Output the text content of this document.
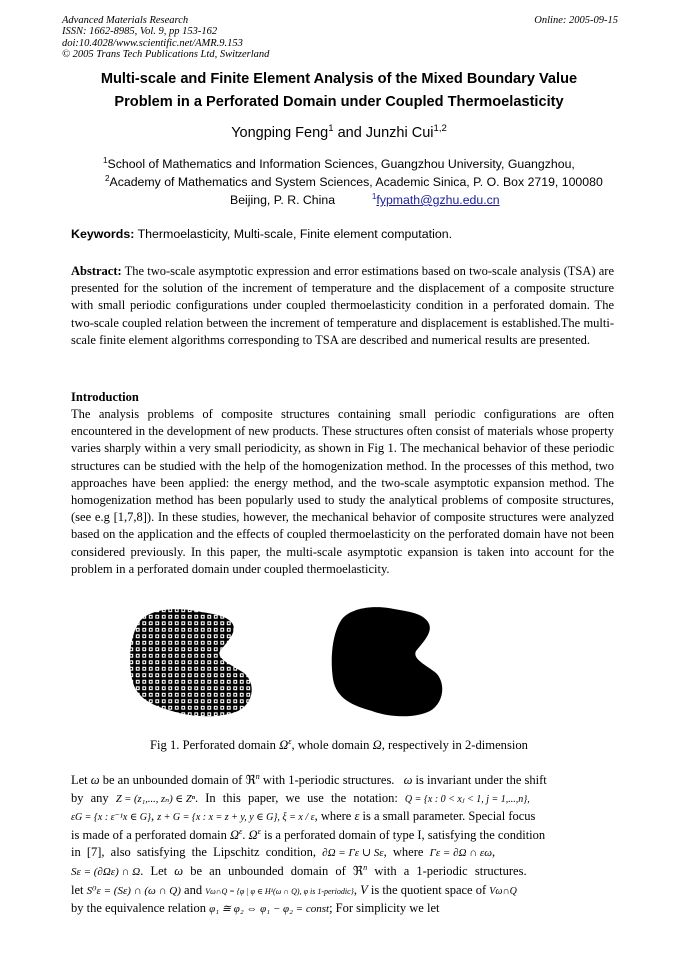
Advanced Materials Research
ISSN: 1662-8985, Vol. 9, pp 153-162
doi:10.4028/www.scientific.net/AMR.9.153
© 2005 Trans Tech Publications Ltd, Switzerland
Online: 2005-09-15
Multi-scale and Finite Element Analysis of the Mixed Boundary Value
Problem in a Perforated Domain under Coupled Thermoelasticity
Yongping Feng$^1$ and Junzhi Cui$^{1,2}$
$^1$School of Mathematics and Information Sciences, Guangzhou University, Guangzhou,
$^2$Academy of Mathematics and System Sciences, Academic Sinica, P. O. Box 2719, 100080
Beijing, P. R. China	$^1$fypmath@gzhu.edu.cn
Keywords: Thermoelasticity, Multi-scale, Finite element computation.
Abstract: The two-scale asymptotic expression and error estimations based on two-scale analysis (TSA) are presented for the solution of the increment of temperature and the displacement of a composite structure with small periodic configurations under coupled thermoelasticity condition in a perforated domain. The two-scale coupled relation between the increment of temperature and displacement is established.The multi-scale finite element algorithms corresponding to TSA are described and numerical results are presented.
Introduction
The analysis problems of composite structures containing small periodic configurations are often encountered in the development of new products. These structures often consist of materials whose property varies sharply within a very small periodicity, as shown in Fig 1. The mechanical behavior of these periodic structures can be studied with the help of the homogenization method. In the processes of this method, two approaches have been applied: the energy method, and the two-scale asymptotic expansion method. The homogenization method has been popularly used to study the analytical problems of composite structures, (see e.g [1,7,8]). In these studies, however, the mechanical behavior of composite structures were analyzed based on the application and the effects of coupled thermoelasticity on the perforated domain have not been considered previously. In this paper, the multi-scale asymptotic expansion is taken into account for the problem in a perforated domain under coupled thermoelasticity.
Fig 1. Perforated domain $\Omega^\varepsilon$, whole domain Ω, respectively in 2-dimension
Let ω be an unbounded domain of ℜ$^n$ with 1-periodic structures. ω is invariant under the shift
by any Z = (z₁,..., zₙ) ∈ Zⁿ. In this paper, we use the notation: Q = {x : 0 < xⱼ < 1, j = 1,...,n},
εG = {x : ε⁻¹x ∈ G}, z + G = {x : x = z + y, y ∈ G}, ξ = x / ε, where ε is a small parameter. Special focus
is made of a perforated domain $\Omega^\varepsilon$. $\Omega^\varepsilon$ is a perforated domain of type I, satisfying the condition
in [7], also satisfying the Lipschitz condition, ∂Ω = Γε ∪ Sε, where Γε = ∂Ω ∩ εω,
Sε = (∂Ωε) ∩ Ω. Let ω be an unbounded domain of ℜ$^n$ with a 1-periodic structures.
let S⁰ε = (Sε) ∩ (ω ∩ Q) and Vω∩Q = {φ | φ ∈ H¹(ω ∩ Q), φ is 1-periodic}, V is the quotient space of Vω∩Q
by the equivalence relation φ₁ ≅ φ₂ ⇔ φ₁ − φ₂ = const; For simplicity we let
